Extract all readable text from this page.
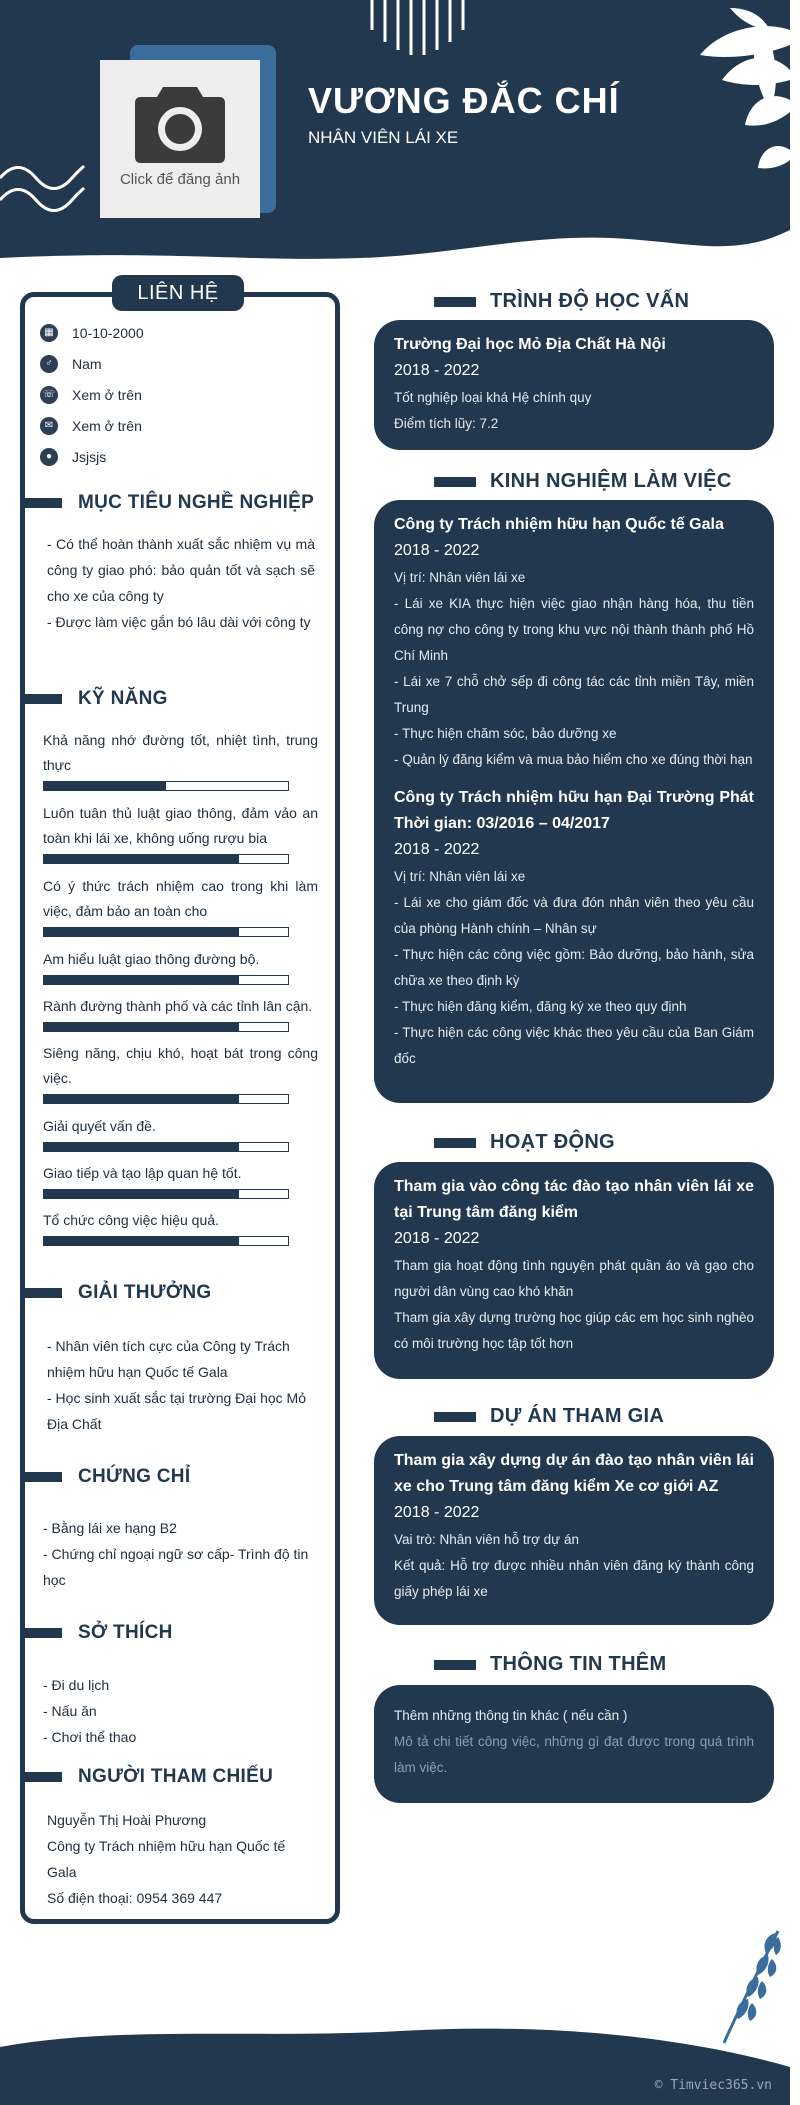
Click để đăng ảnh
VƯƠNG ĐẮC CHÍ
NHÂN VIÊN LÁI XE
LIÊN HỆ
▦	10-10-2000
♂	Nam
☏ Xem ở trên
✉	Xem ở trên
●	Jsjsjs
MỤC TIÊU NGHỀ NGHIỆP
- Có thể hoàn thành xuất sắc nhiệm vụ mà công ty giao phó: bảo quản tốt và sạch sẽ cho xe của công ty
- Được làm việc gắn bó lâu dài với công ty
KỸ NĂNG
Khả năng nhớ đường tốt, nhiệt tình, trung thực
Luôn tuân thủ luật giao thông, đảm vảo an toàn khi lái xe, không uống rượu bia
Có ý thức trách nhiệm cao trong khi làm việc, đảm bảo an toàn cho
Am hiểu luật giao thông đường bộ.
Rành đường thành phố và các tỉnh lân cận.
Siêng năng, chịu khó, hoạt bát trong công việc.
Giải quyết vấn đề.
Giao tiếp và tạo lập quan hệ tốt.
Tổ chức công việc hiệu quả.
GIẢI THƯỞNG
- Nhân viên tích cực của Công ty Trách nhiệm hữu hạn Quốc tế Gala
- Học sinh xuất sắc tại trường Đại học Mỏ Địa Chất
CHỨNG CHỈ
- Bằng lái xe hạng B2
- Chứng chỉ ngoại ngữ sơ cấp- Trình độ tin học
SỞ THÍCH
- Đi du lịch
- Nấu ăn
- Chơi thể thao
NGƯỜI THAM CHIẾU
Nguyễn Thị Hoài Phương
Công ty Trách nhiệm hữu hạn Quốc tế Gala
Số điện thoại: 0954 369 447
TRÌNH ĐỘ HỌC VẤN
Trường Đại học Mỏ Địa Chất Hà Nội
2018 - 2022
Tốt nghiệp loại khá Hệ chính quy
Điểm tích lũy: 7.2
KINH NGHIỆM LÀM VIỆC
Công ty Trách nhiệm hữu hạn Quốc tế Gala
2018 - 2022
Vị trí: Nhân viên lái xe
- Lái xe KIA thực hiện việc giao nhận hàng hóa, thu tiền công nợ cho công ty trong khu vực nội thành thành phố Hồ Chí Minh
- Lái xe 7 chỗ chở sếp đi công tác các tỉnh miền Tây, miền Trung
- Thực hiện chăm sóc, bảo dưỡng xe
- Quản lý đăng kiểm và mua bảo hiểm cho xe đúng thời hạn
Công ty Trách nhiệm hữu hạn Đại Trường Phát Thời gian: 03/2016 – 04/2017
2018 - 2022
Vị trí: Nhân viên lái xe
- Lái xe cho giám đốc và đưa đón nhân viên theo yêu cầu của phòng Hành chính – Nhân sự
- Thực hiện các công việc gồm: Bảo dưỡng, bảo hành, sửa chữa xe theo định kỳ
- Thực hiện đăng kiểm, đăng ký xe theo quy định
- Thực hiện các công việc khác theo yêu cầu của Ban Giám đốc
HOẠT ĐỘNG
Tham gia vào công tác đào tạo nhân viên lái xe tại Trung tâm đăng kiểm
2018 - 2022
Tham gia hoạt động tình nguyện phát quần áo và gạo cho người dân vùng cao khó khăn
Tham gia xây dựng trường học giúp các em học sinh nghèo có môi trường học tập tốt hơn
DỰ ÁN THAM GIA
Tham gia xây dựng dự án đào tạo nhân viên lái xe cho Trung tâm đăng kiểm Xe cơ giới AZ
2018 - 2022
Vai trò: Nhân viên hỗ trợ dự án
Kết quả: Hỗ trợ được nhiều nhân viên đăng ký thành công giấy phép lái xe
THÔNG TIN THÊM
Thêm những thông tin khác ( nếu cần )
Mô tả chi tiết công việc, những gì đạt được trong quá trình làm việc.
© Timviec365.vn
